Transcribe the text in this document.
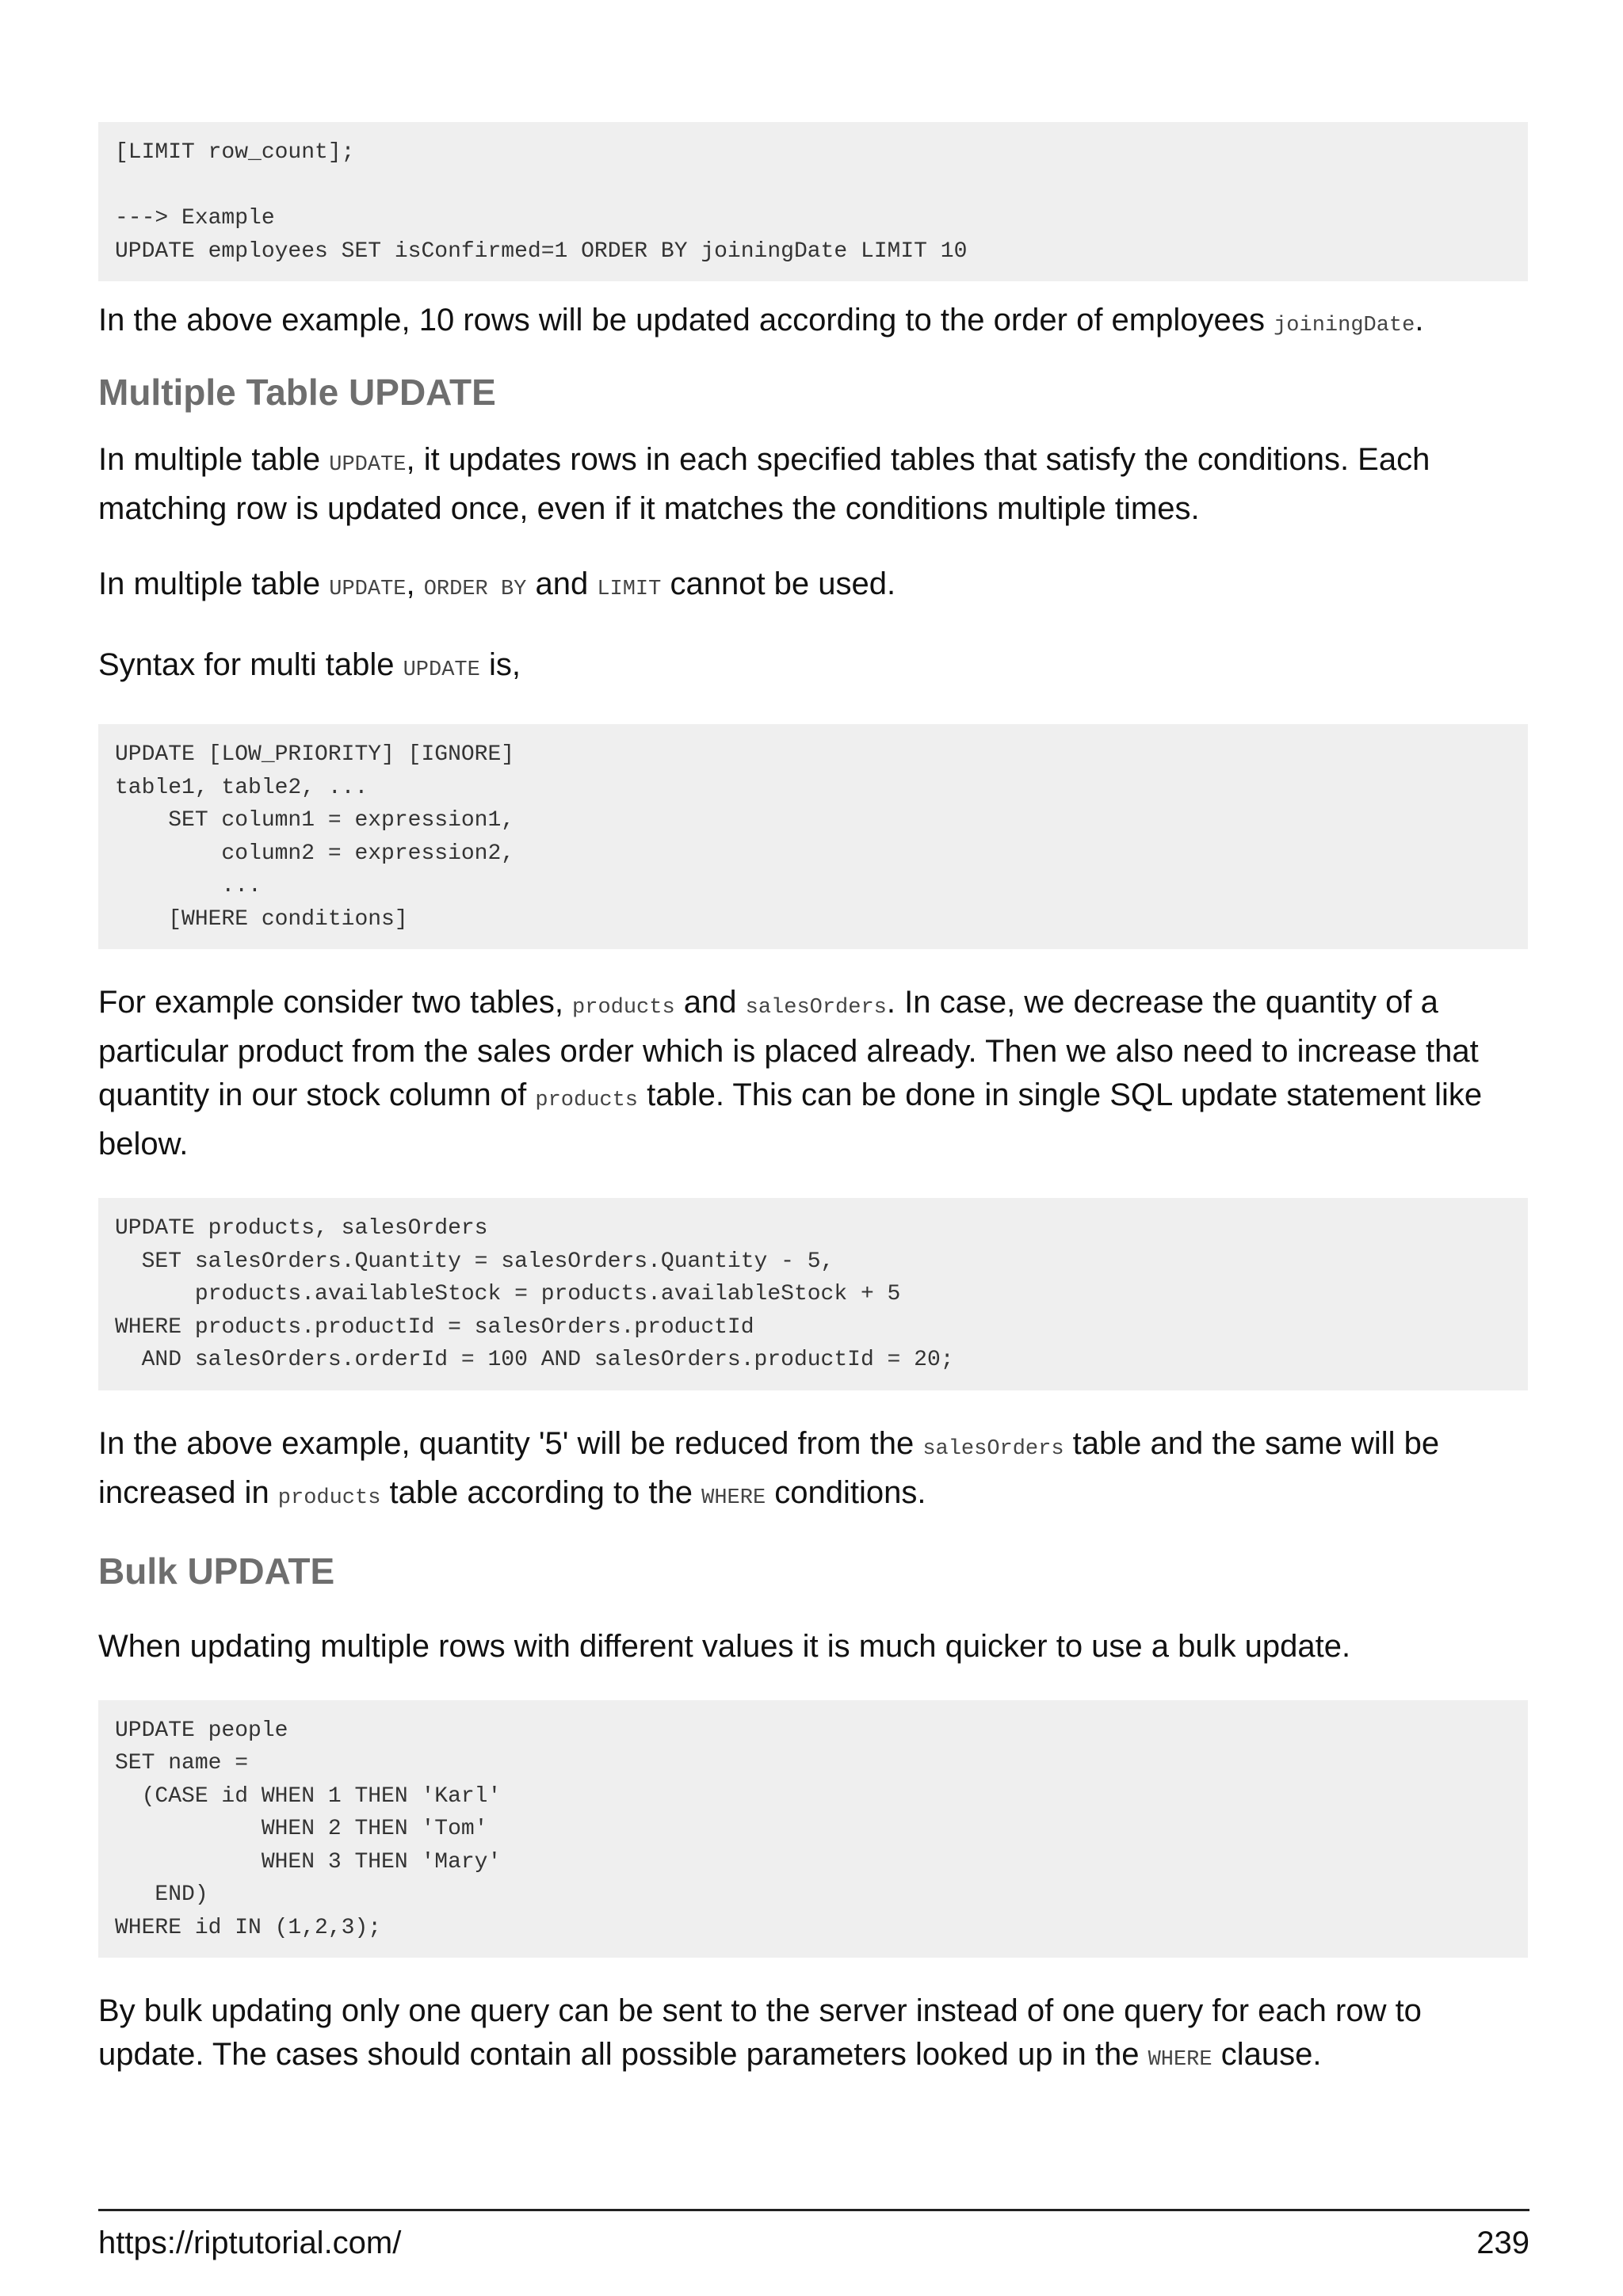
[LIMIT row_count];

---> Example
UPDATE employees SET isConfirmed=1 ORDER BY joiningDate LIMIT 10

In the above example, 10 rows will be updated according to the order of employees joiningDate.

Multiple Table UPDATE

In multiple table UPDATE, it updates rows in each specified tables that satisfy the conditions. Each matching row is updated once, even if it matches the conditions multiple times.

In multiple table UPDATE, ORDER BY and LIMIT cannot be used.

Syntax for multi table UPDATE is,

UPDATE [LOW_PRIORITY] [IGNORE]
table1, table2, ...
SET column1 = expression1,
column2 = expression2,
...
[WHERE conditions]

For example consider two tables, products and salesOrders. In case, we decrease the quantity of a particular product from the sales order which is placed already. Then we also need to increase that quantity in our stock column of products table. This can be done in single SQL update statement like below.

UPDATE products, salesOrders
SET salesOrders.Quantity = salesOrders.Quantity - 5,
products.availableStock = products.availableStock + 5
WHERE products.productId = salesOrders.productId
AND salesOrders.orderId = 100 AND salesOrders.productId = 20;

In the above example, quantity '5' will be reduced from the salesOrders table and the same will be increased in products table according to the WHERE conditions.

Bulk UPDATE

When updating multiple rows with different values it is much quicker to use a bulk update.

UPDATE people
SET name =
(CASE id WHEN 1 THEN 'Karl'
WHEN 2 THEN 'Tom'
WHEN 3 THEN 'Mary'
END)
WHERE id IN (1,2,3);

By bulk updating only one query can be sent to the server instead of one query for each row to update. The cases should contain all possible parameters looked up in the WHERE clause.

https://riptutorial.com/	239
